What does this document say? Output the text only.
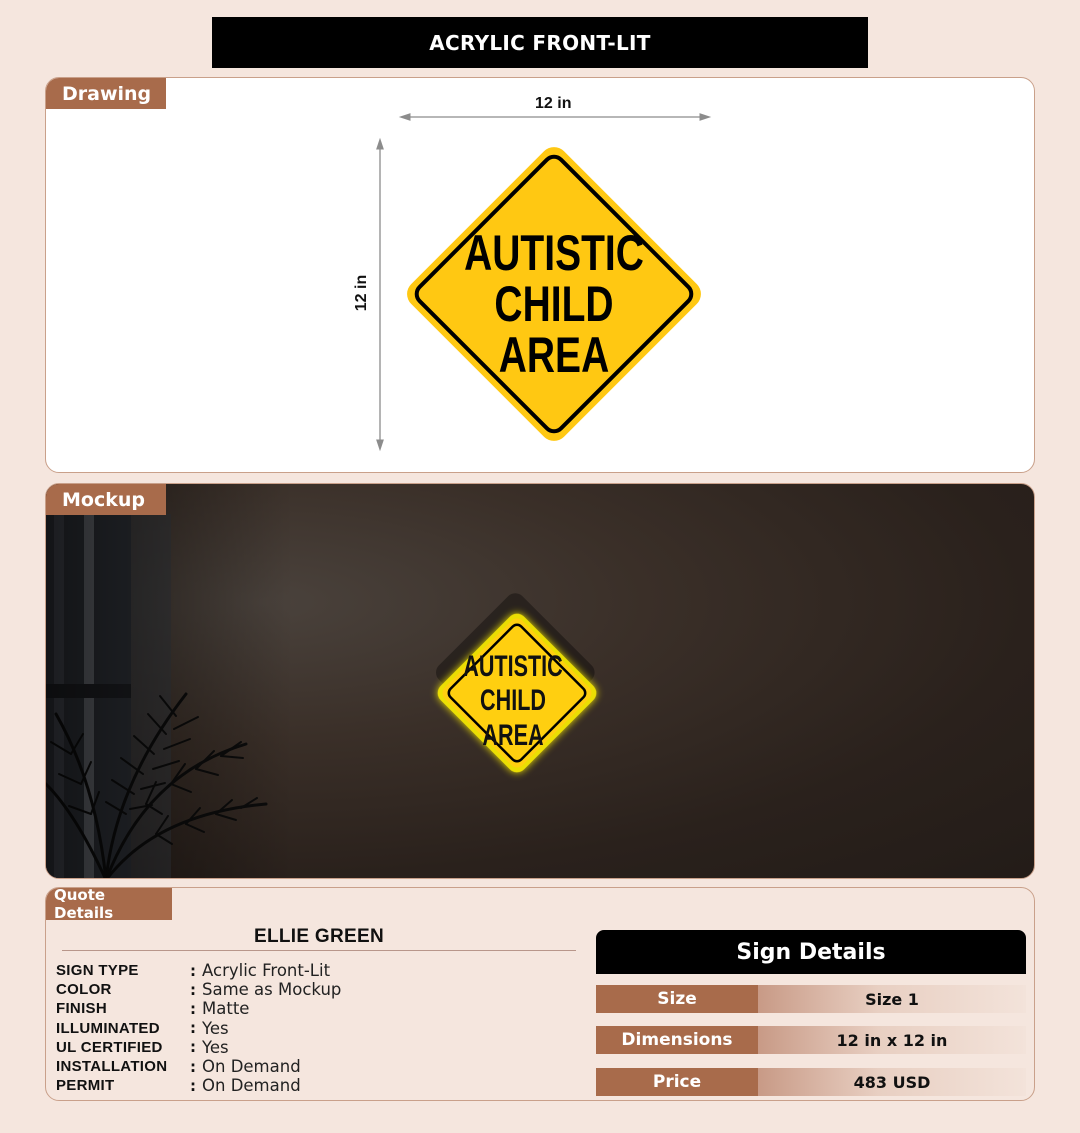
ACRYLIC FRONT-LIT
Drawing
AUTISTIC
CHILD
AREA
12 in
12 in
Mockup
AUTISTIC
CHILD
AREA
Quote Details
ELLIE GREEN
SIGN TYPE	: Acrylic Front-Lit
COLOR	: Same as Mockup
FINISH	: Matte
ILLUMINATED	: Yes
UL CERTIFIED	: Yes
INSTALLATION	: On Demand
PERMIT	: On Demand
Sign Details
Size	Size 1
Dimensions	12 in x 12 in
Price	483 USD
